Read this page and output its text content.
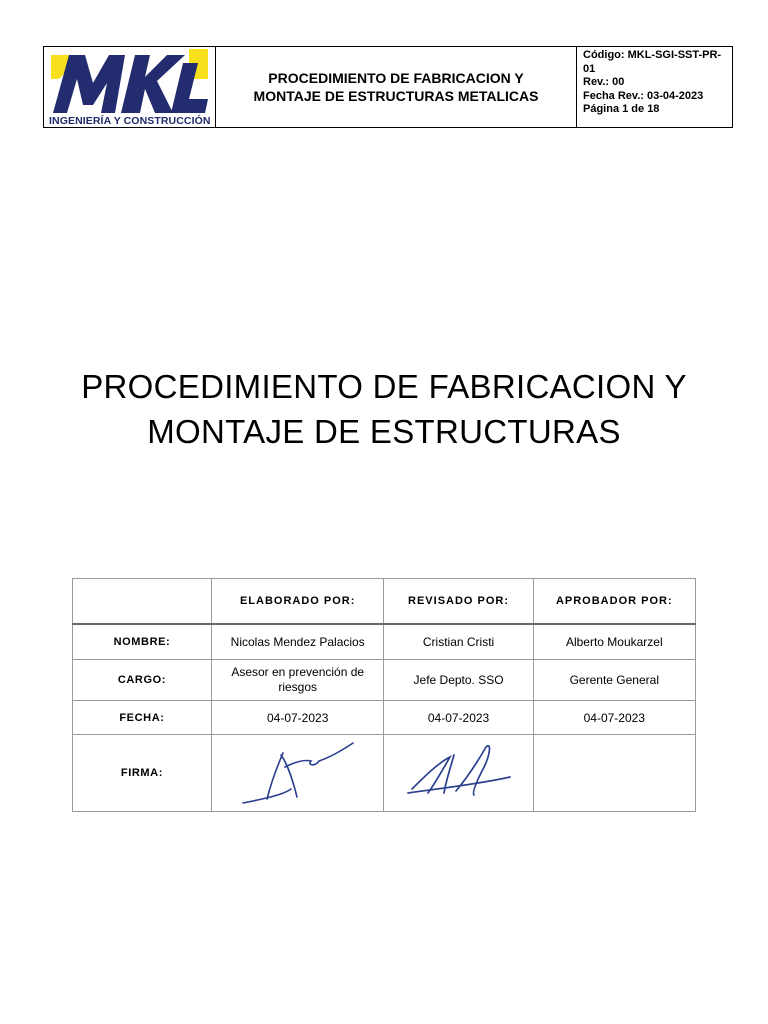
INGENIERÍA Y CONSTRUCCIÓN
PROCEDIMIENTO DE FABRICACION Y
MONTAJE DE ESTRUCTURAS METALICAS
Código: MKL-SGI-SST-PR-01
Rev.: 00
Fecha Rev.: 03-04-2023
Página 1 de 18
PROCEDIMIENTO DE FABRICACION Y
MONTAJE DE ESTRUCTURAS
	ELABORADO POR:	REVISADO POR:	APROBADOR POR:
NOMBRE:	Nicolas Mendez Palacios	Cristian Cristi	Alberto Moukarzel
CARGO:	Asesor en prevención de riesgos	Jefe Depto. SSO	Gerente General
FECHA:	04-07-2023	04-07-2023	04-07-2023
FIRMA:	
